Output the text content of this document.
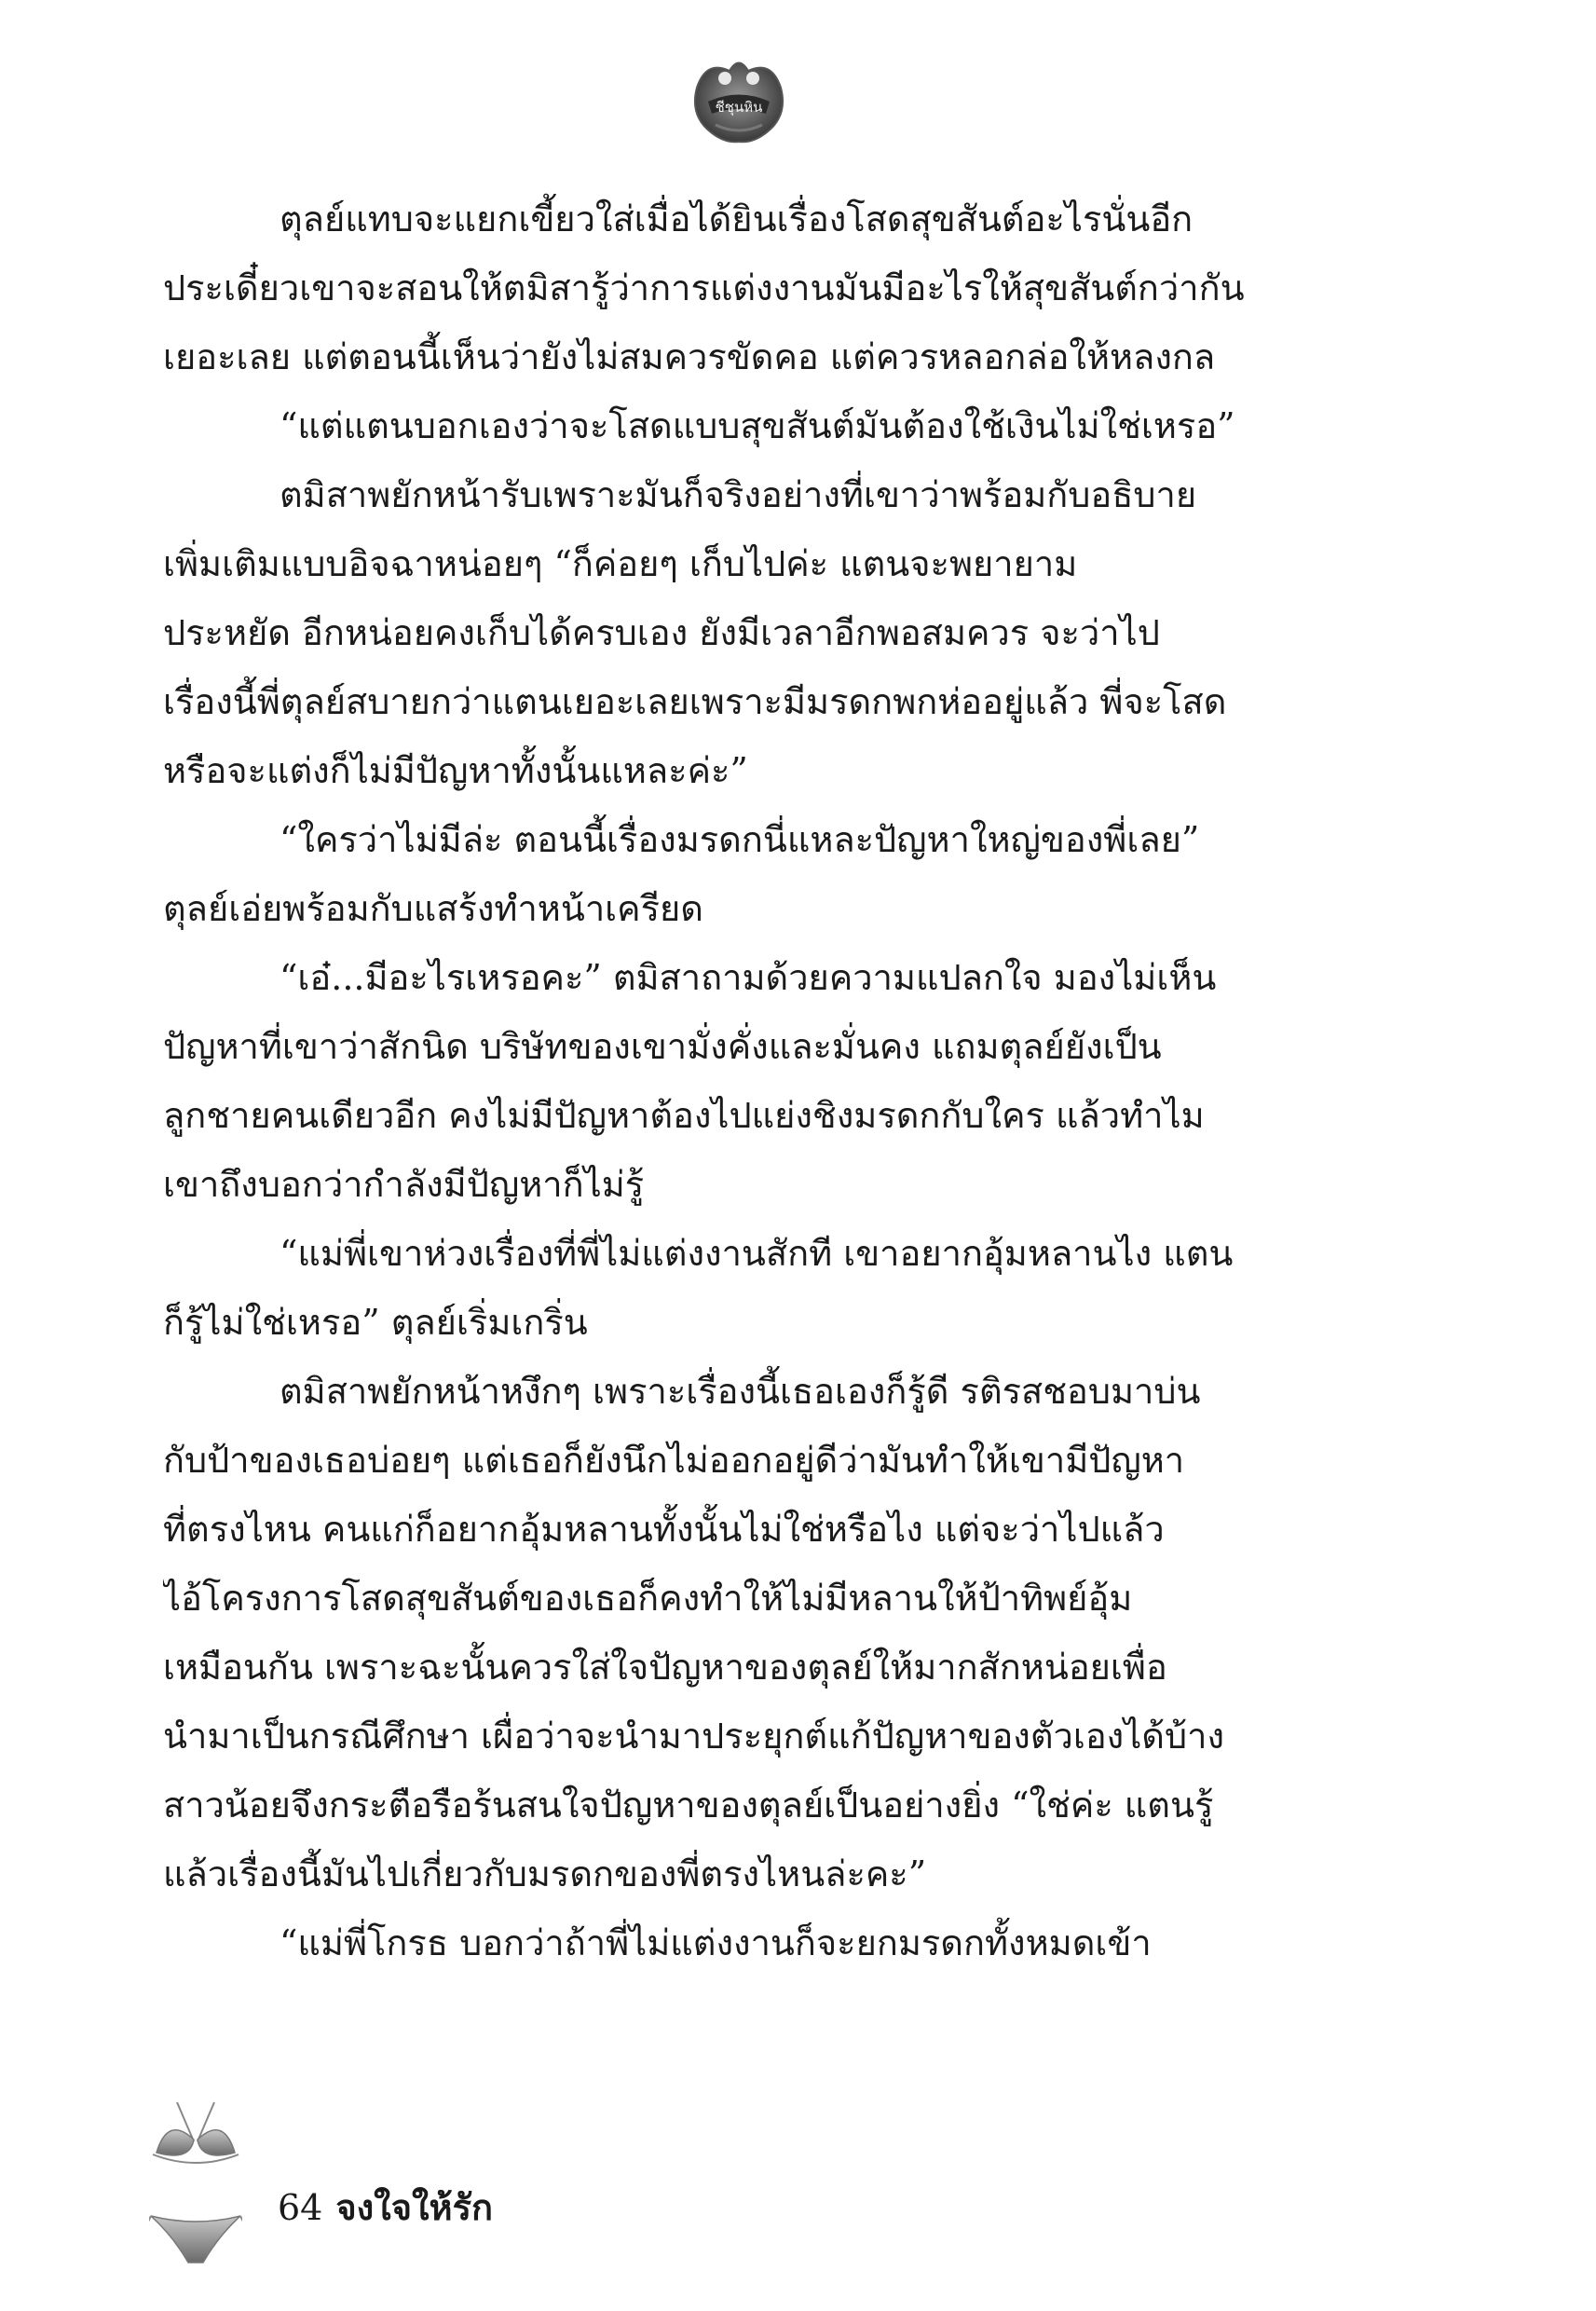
ชีชุนหิน
ตุลย์แทบจะแยกเขี้ยวใส่เมื่อได้ยินเรื่องโสดสุขสันต์อะไรนั่นอีก
ประเดี๋ยวเขาจะสอนให้ตมิสารู้ว่าการแต่งงานมันมีอะไรให้สุขสันต์กว่ากัน
เยอะเลย แต่ตอนนี้เห็นว่ายังไม่สมควรขัดคอ แต่ควรหลอกล่อให้หลงกล
“แต่แตนบอกเองว่าจะโสดแบบสุขสันต์มันต้องใช้เงินไม่ใช่เหรอ”
ตมิสาพยักหน้ารับเพราะมันก็จริงอย่างที่เขาว่าพร้อมกับอธิบาย
เพิ่มเติมแบบอิจฉาหน่อยๆ “ก็ค่อยๆ เก็บไปค่ะ แตนจะพยายาม
ประหยัด อีกหน่อยคงเก็บได้ครบเอง ยังมีเวลาอีกพอสมควร จะว่าไป
เรื่องนี้พี่ตุลย์สบายกว่าแตนเยอะเลยเพราะมีมรดกพกห่ออยู่แล้ว พี่จะโสด
หรือจะแต่งก็ไม่มีปัญหาทั้งนั้นแหละค่ะ”
“ใครว่าไม่มีล่ะ ตอนนี้เรื่องมรดกนี่แหละปัญหาใหญ่ของพี่เลย”
ตุลย์เอ่ยพร้อมกับแสร้งทำหน้าเครียด
“เอ๋...มีอะไรเหรอคะ” ตมิสาถามด้วยความแปลกใจ มองไม่เห็น
ปัญหาที่เขาว่าสักนิด บริษัทของเขามั่งคั่งและมั่นคง แถมตุลย์ยังเป็น
ลูกชายคนเดียวอีก คงไม่มีปัญหาต้องไปแย่งชิงมรดกกับใคร แล้วทำไม
เขาถึงบอกว่ากำลังมีปัญหาก็ไม่รู้
“แม่พี่เขาห่วงเรื่องที่พี่ไม่แต่งงานสักที เขาอยากอุ้มหลานไง แตน
ก็รู้ไม่ใช่เหรอ” ตุลย์เริ่มเกริ่น
ตมิสาพยักหน้าหงึกๆ เพราะเรื่องนี้เธอเองก็รู้ดี รติรสชอบมาบ่น
กับป้าของเธอบ่อยๆ แต่เธอก็ยังนึกไม่ออกอยู่ดีว่ามันทำให้เขามีปัญหา
ที่ตรงไหน คนแก่ก็อยากอุ้มหลานทั้งนั้นไม่ใช่หรือไง แต่จะว่าไปแล้ว
ไอ้โครงการโสดสุขสันต์ของเธอก็คงทำให้ไม่มีหลานให้ป้าทิพย์อุ้ม
เหมือนกัน เพราะฉะนั้นควรใส่ใจปัญหาของตุลย์ให้มากสักหน่อยเพื่อ
นำมาเป็นกรณีศึกษา เผื่อว่าจะนำมาประยุกต์แก้ปัญหาของตัวเองได้บ้าง
สาวน้อยจึงกระตือรือร้นสนใจปัญหาของตุลย์เป็นอย่างยิ่ง “ใช่ค่ะ แตนรู้
แล้วเรื่องนี้มันไปเกี่ยวกับมรดกของพี่ตรงไหนล่ะคะ”
“แม่พี่โกรธ บอกว่าถ้าพี่ไม่แต่งงานก็จะยกมรดกทั้งหมดเข้า
64 จงใจให้รัก
